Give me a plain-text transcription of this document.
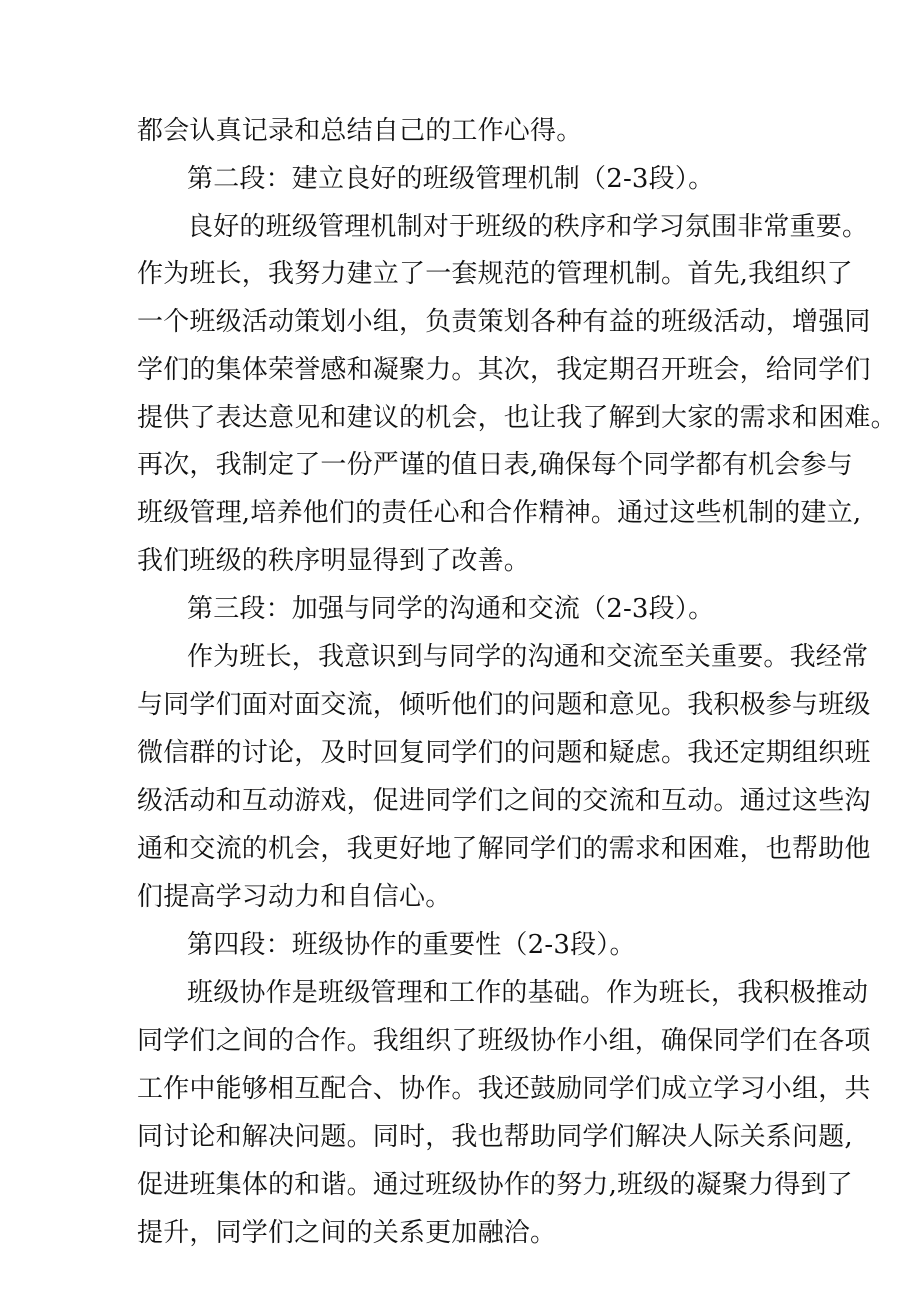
都会认真记录和总结自己的工作心得。
第二段：建立良好的班级管理机制（2-3段）。
良好的班级管理机制对于班级的秩序和学习氛围非常重要。
作为班长，我努力建立了一套规范的管理机制。首先,我组织了
一个班级活动策划小组，负责策划各种有益的班级活动，增强同
学们的集体荣誉感和凝聚力。其次，我定期召开班会，给同学们
提供了表达意见和建议的机会，也让我了解到大家的需求和困难。
再次，我制定了一份严谨的值日表,确保每个同学都有机会参与
班级管理,培养他们的责任心和合作精神。通过这些机制的建立,
我们班级的秩序明显得到了改善。
第三段：加强与同学的沟通和交流（2-3段）。
作为班长，我意识到与同学的沟通和交流至关重要。我经常
与同学们面对面交流，倾听他们的问题和意见。我积极参与班级
微信群的讨论，及时回复同学们的问题和疑虑。我还定期组织班
级活动和互动游戏，促进同学们之间的交流和互动。通过这些沟
通和交流的机会，我更好地了解同学们的需求和困难，也帮助他
们提高学习动力和自信心。
第四段：班级协作的重要性（2-3段）。
班级协作是班级管理和工作的基础。作为班长，我积极推动
同学们之间的合作。我组织了班级协作小组，确保同学们在各项
工作中能够相互配合、协作。我还鼓励同学们成立学习小组，共
同讨论和解决问题。同时，我也帮助同学们解决人际关系问题,
促进班集体的和谐。通过班级协作的努力,班级的凝聚力得到了
提升，同学们之间的关系更加融洽。
